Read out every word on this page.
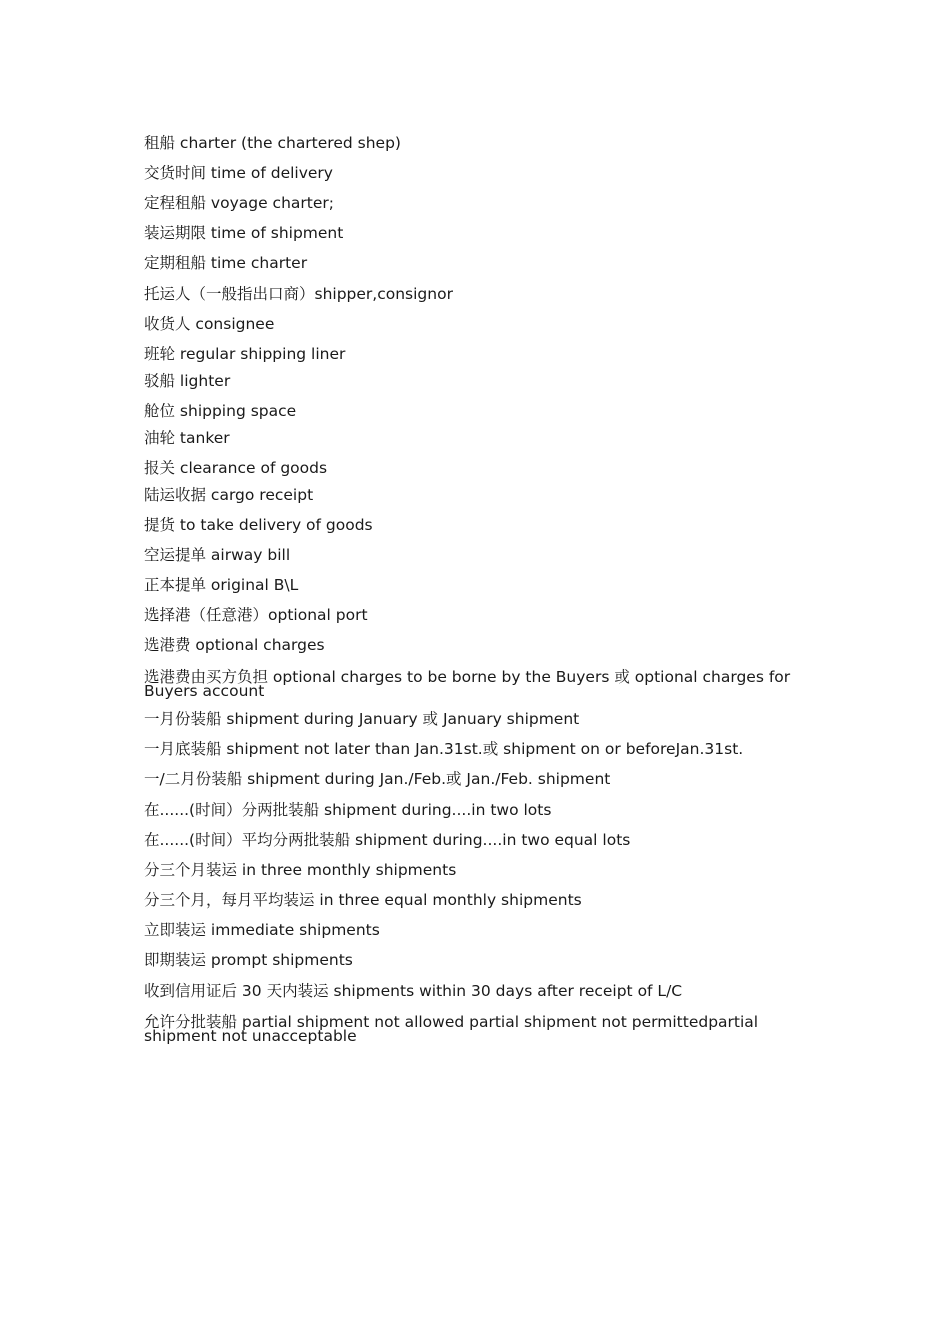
租船 charter (the chartered shep)
交货时间 time of delivery
定程租船 voyage charter;
装运期限 time of shipment
定期租船 time charter
托运人（一般指出口商）shipper,consignor
收货人 consignee
班轮 regular shipping liner
驳船 lighter
舱位 shipping space
油轮 tanker
报关 clearance of goods
陆运收据 cargo receipt
提货 to take delivery of goods
空运提单 airway bill
正本提单 original B\L
选择港（任意港）optional port
选港费 optional charges
选港费由买方负担 optional charges to be borne by the Buyers 或 optional charges for Buyers account
一月份装船 shipment during January 或 January shipment
一月底装船 shipment not later than Jan.31st.或 shipment on or beforeJan.31st.
一/二月份装船 shipment during Jan./Feb.或 Jan./Feb. shipment
在......(时间）分两批装船 shipment during....in two lots
在......(时间）平均分两批装船 shipment during....in two equal lots
分三个月装运 in three monthly shipments
分三个月，每月平均装运 in three equal monthly shipments
立即装运 immediate shipments
即期装运 prompt shipments
收到信用证后 30 天内装运 shipments within 30 days after receipt of L/C
允许分批装船 partial shipment not allowed partial shipment not permittedpartial shipment not unacceptable
